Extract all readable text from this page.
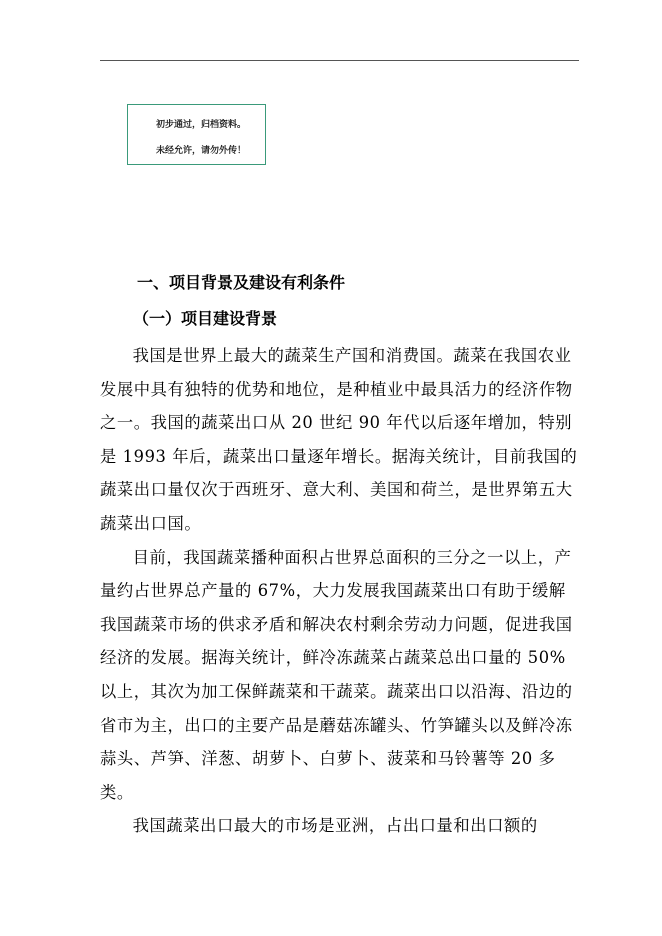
初步通过，归档资料。
未经允许，请勿外传！
一、项目背景及建设有利条件
（一）项目建设背景

我国是世界上最大的蔬菜生产国和消费国。蔬菜在我国农业发展中具有独特的优势和地位，是种植业中最具活力的经济作物之一。我国的蔬菜出口从 20 世纪 90 年代以后逐年增加，特别是 1993 年后，蔬菜出口量逐年增长。据海关统计，目前我国的蔬菜出口量仅次于西班牙、意大利、美国和荷兰，是世界第五大蔬菜出口国。

目前，我国蔬菜播种面积占世界总面积的三分之一以上，产量约占世界总产量的 67%，大力发展我国蔬菜出口有助于缓解我国蔬菜市场的供求矛盾和解决农村剩余劳动力问题，促进我国经济的发展。据海关统计，鲜冷冻蔬菜占蔬菜总出口量的 50%以上，其次为加工保鲜蔬菜和干蔬菜。蔬菜出口以沿海、沿边的省市为主，出口的主要产品是蘑菇冻罐头、竹笋罐头以及鲜冷冻蒜头、芦笋、洋葱、胡萝卜、白萝卜、菠菜和马铃薯等 20 多类。

我国蔬菜出口最大的市场是亚洲，占出口量和出口额的
